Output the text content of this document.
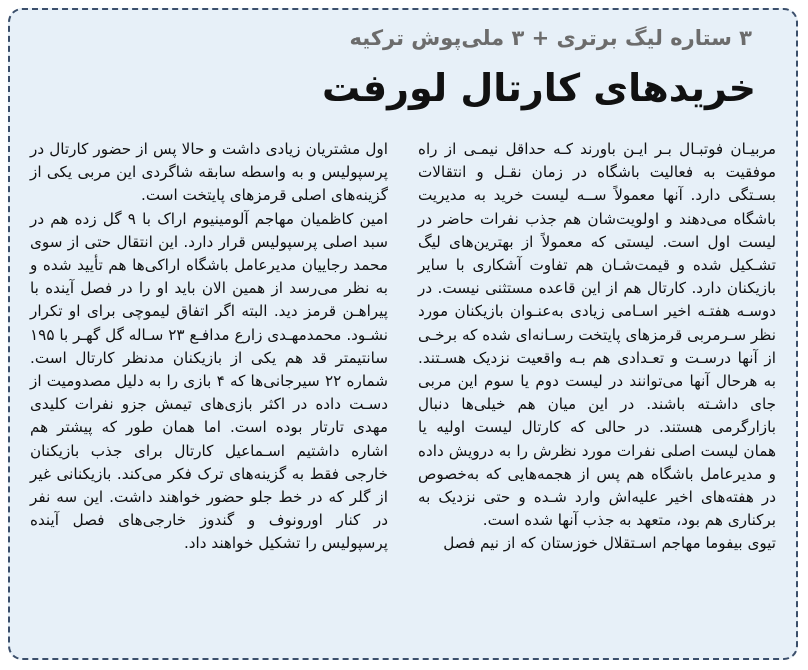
۳ ستاره لیگ برتری + ۳ ملی‌پوش ترکیه
خریدهای کارتال لورفت

مربیـان فوتبـال بـر ایـن باورند کـه حداقل نیمـی از راه موفقیت به فعالیت باشگاه در زمان نقـل و انتقالات بسـتگی دارد. آنها معمولاً ســه لیست خرید به مدیریت باشگاه می‌دهند و اولویت‌شان هم جذب نفرات حاضر در لیست اول است. لیستی که معمولاً از بهترین‌های لیگ تشـکیل شده و قیمت‌شـان هم تفاوت آشکاری با سایر بازیکنان دارد. کارتال هم از این قاعده مستثنی نیست. در دوسـه هفتـه اخیر اسـامی زیادی به‌عنـوان بازیکنان مورد نظر سـرمربی قرمزهای پایتخت رسـانه‌ای شده که برخـی از آنها درسـت و تعـدادی هم بـه واقعیت نزدیک هسـتند. به هرحال آنها می‌توانند در لیست دوم یا سوم این مربی جای داشـته باشند. در این میان هم خیلی‌ها دنبال بازارگرمی هستند. در حالی که کارتال لیست اولیه یا همان لیست اصلی نفرات مورد نظرش را به درویش داده و مدیرعامل باشگاه هم پس از هجمه‌هایی که به‌خصوص در هفته‌های اخیر علیه‌اش وارد شـده و حتی نزدیک به برکناری هم بود، متعهد به جذب آنها شده است.

تیوی بیفوما مهاجم اسـتقلال خوزستان که از نیم فصل

اول مشتریان زیادی داشت و حالا پس از حضور کارتال در پرسپولیس و به واسطه سابقه شاگردی این مربی یکی از گزینه‌های اصلی قرمزهای پایتخت است.

امین کاظمیان مهاجم آلومینیوم اراک با ۹ گل زده هم در سبد اصلی پرسپولیس قرار دارد. این انتقال حتی از سوی محمد رجاییان مدیرعامل باشگاه اراکی‌ها هم تأیید شده و به نظر می‌رسد از همین الان باید او را در فصل آینده با پیراهـن قرمز دید. البته اگر اتفاق لیموچی برای او تکرار نشـود. محمدمهـدی زارع مدافـع ۲۳ سـاله گل گهـر با ۱۹۵ سانتیمتر قد هم یکی از بازیکنان مدنظر کارتال است. شماره ۲۲ سیرجانی‌ها که ۴ بازی را به دلیل مصدومیت از دسـت داده در اکثر بازی‌های تیمش جزو نفرات کلیدی مهدی تارتار بوده است. اما همان طور که پیشتر هم اشاره داشتیم اسـماعیل کارتال برای جذب بازیکنان خارجی فقط به گزینه‌های ترک فکر می‌کند. بازیکنانی غیر از گلر که در خط جلو حضور خواهند داشت. این سه نفر در کنار اورونوف و گندوز خارجی‌های فصل آینده پرسپولیس را تشکیل خواهند داد.
